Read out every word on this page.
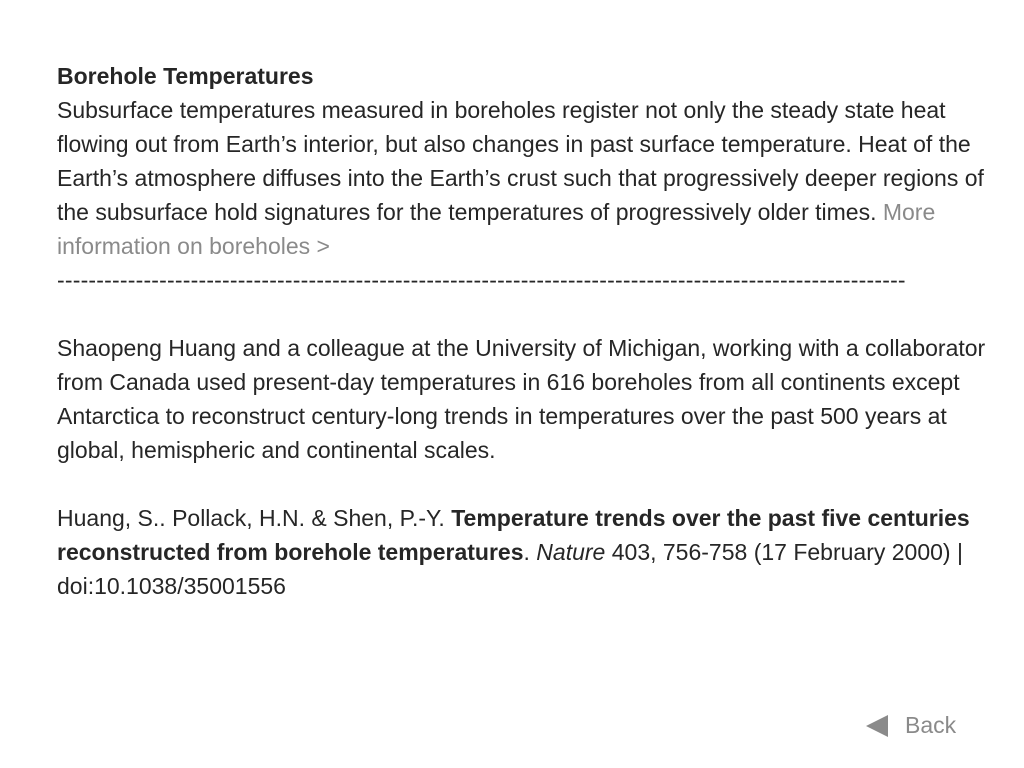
Borehole Temperatures

Subsurface temperatures measured in boreholes register not only the steady state heat flowing out from Earth’s interior, but also changes in past surface temperature. Heat of the Earth’s atmosphere diffuses into the Earth’s crust such that progressively deeper regions of the subsurface hold signatures for the temperatures of progressively older times. More information on boreholes >

------------------------------------------------------------------------------------------------------------

Shaopeng Huang and a colleague at the University of Michigan, working with a collaborator from Canada used present-day temperatures in 616 boreholes from all continents except Antarctica to reconstruct century-long trends in temperatures over the past 500 years at global, hemispheric and continental scales.

Huang, S.. Pollack, H.N. & Shen, P.-Y. Temperature trends over the past five centuries reconstructed from borehole temperatures. Nature 403, 756-758 (17 February 2000) | doi:10.1038/35001556

Back
